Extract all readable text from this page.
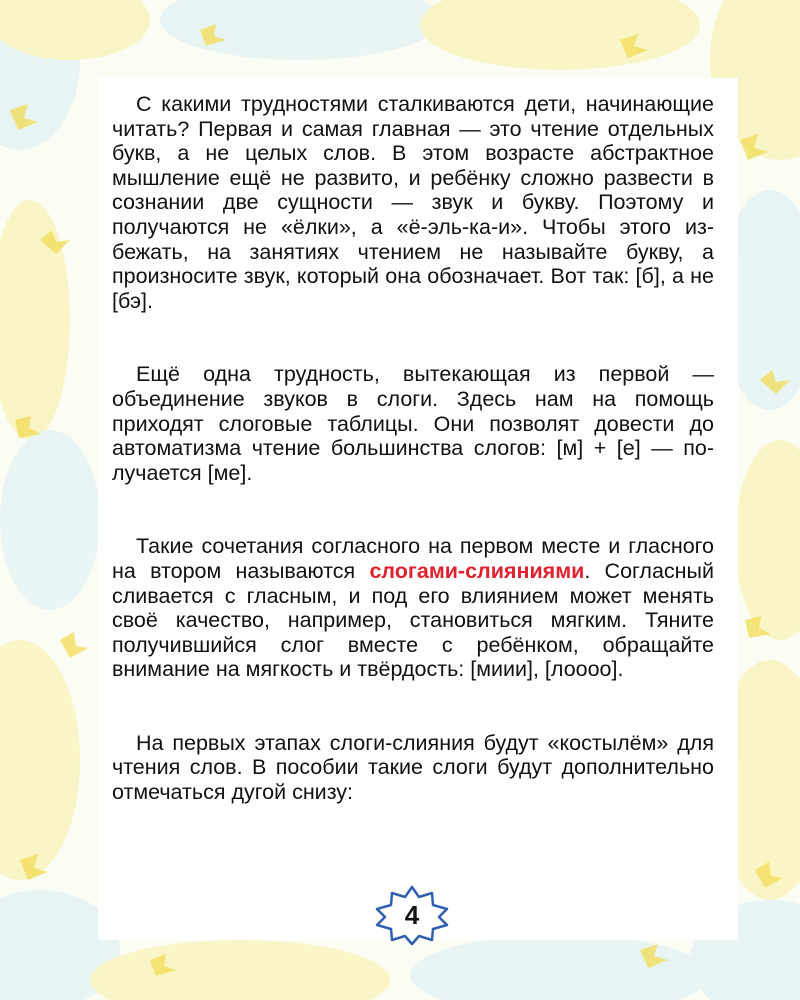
С какими трудностями сталкиваются дети, начинающие читать? Первая и самая главная — это чтение отдельных букв, а не целых слов. В этом возрасте абстрактное мышление ещё не развито, и ребёнку сложно развести в сознании две сущности — звук и букву. Поэтому и получаются не «ёлки», а «ё-эль-ка-и». Чтобы этого избежать, на занятиях чтением не называйте букву, а произносите звук, который она обозначает. Вот так: [б], а не [бэ].

Ещё одна трудность, вытекающая из первой — объединение звуков в слоги. Здесь нам на помощь приходят слоговые таблицы. Они позволят довести до автоматизма чтение большинства слогов: [м] + [е] — получается [ме].

Такие сочетания согласного на первом месте и гласного на втором называются слогами-слияниями. Согласный сливается с гласным, и под его влиянием может менять своё качество, например, становиться мягким. Тяните получившийся слог вместе с ребёнком, обращайте внимание на мягкость и твёрдость: [миии], [лоооо].

На первых этапах слоги-слияния будут «костылём» для чтения слов. В пособии такие слоги будут дополнительно отмечаться дугой снизу:

4
